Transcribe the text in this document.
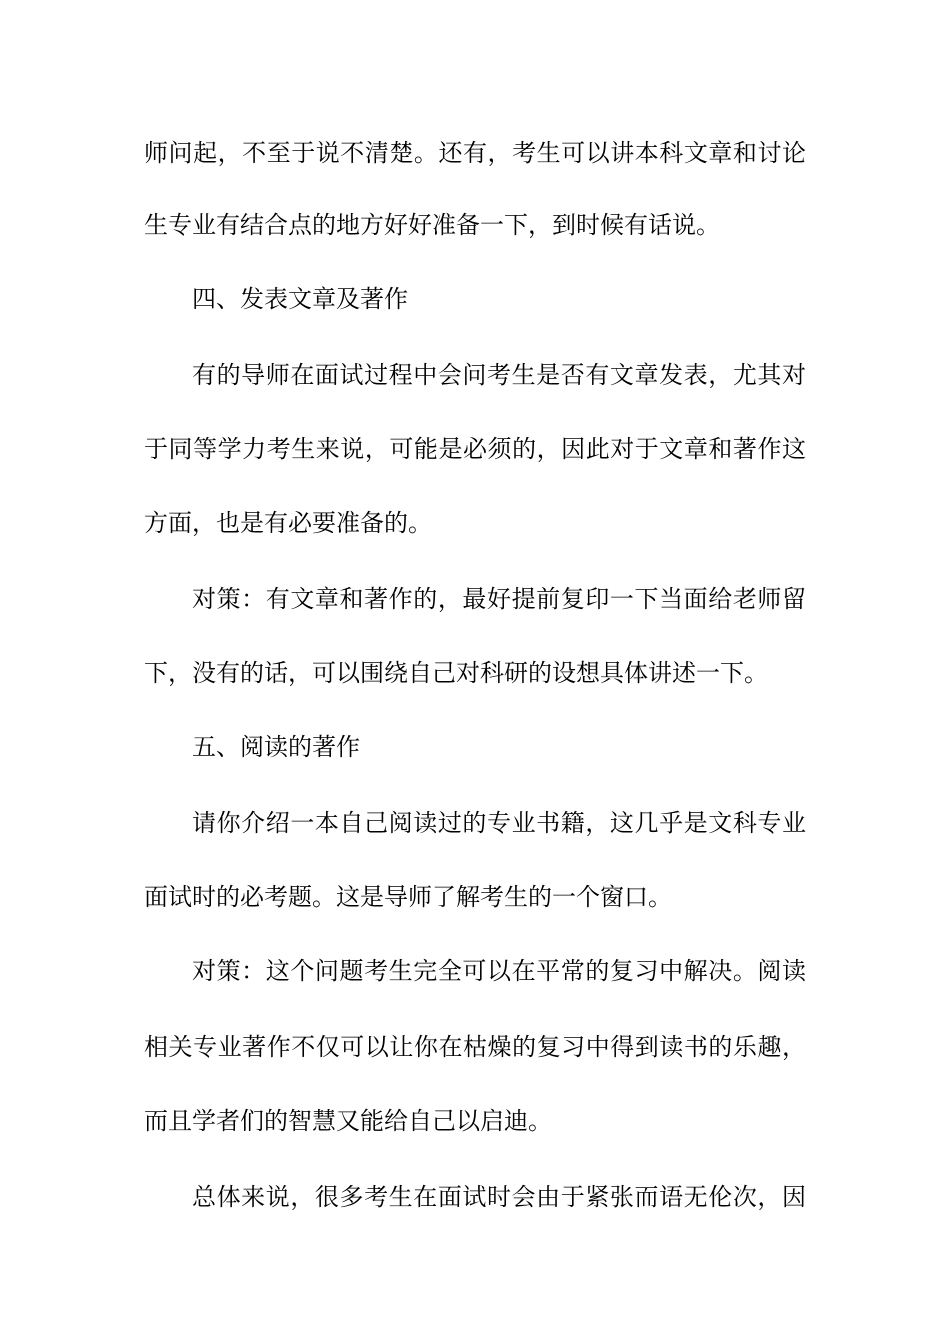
师问起，不至于说不清楚。还有，考生可以讲本科文章和讨论
生专业有结合点的地方好好准备一下，到时候有话说。
四、发表文章及著作
有的导师在面试过程中会问考生是否有文章发表，尤其对
于同等学力考生来说，可能是必须的，因此对于文章和著作这
方面，也是有必要准备的。
对策：有文章和著作的，最好提前复印一下当面给老师留
下，没有的话，可以围绕自己对科研的设想具体讲述一下。
五、阅读的著作
请你介绍一本自己阅读过的专业书籍，这几乎是文科专业
面试时的必考题。这是导师了解考生的一个窗口。
对策：这个问题考生完全可以在平常的复习中解决。阅读
相关专业著作不仅可以让你在枯燥的复习中得到读书的乐趣，
而且学者们的智慧又能给自己以启迪。
总体来说，很多考生在面试时会由于紧张而语无伦次，因
